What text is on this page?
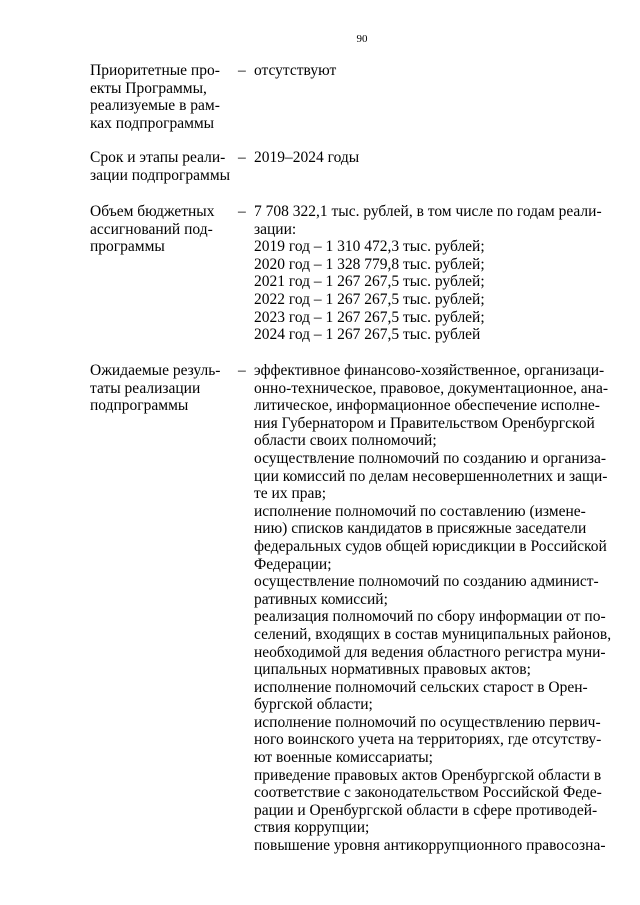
90
Приоритетные про-
екты Программы,
реализуемые в рам-
ках подпрограммы
– отсутствуют
Срок и этапы реали-
зации подпрограммы
– 2019–2024 годы
Объем бюджетных
ассигнований под-
программы
– 7 708 322,1 тыс. рублей, в том числе по годам реали-
зации:
2019 год – 1 310 472,3 тыс. рублей;
2020 год – 1 328 779,8 тыс. рублей;
2021 год – 1 267 267,5 тыс. рублей;
2022 год – 1 267 267,5 тыс. рублей;
2023 год – 1 267 267,5 тыс. рублей;
2024 год – 1 267 267,5 тыс. рублей
Ожидаемые резуль-
таты реализации
подпрограммы
– эффективное финансово-хозяйственное, организаци-
онно-техническое, правовое, документационное, ана-
литическое, информационное обеспечение исполне-
ния Губернатором и Правительством Оренбургской
области своих полномочий;
осуществление полномочий по созданию и организа-
ции комиссий по делам несовершеннолетних и защи-
те их прав;
исполнение полномочий по составлению (изменe-
нию) списков кандидатов в присяжные заседатели
федеральных судов общей юрисдикции в Российской
Федерации;
осуществление полномочий по созданию админист-
ративных комиссий;
реализация полномочий по сбору информации от по-
селений, входящих в состав муниципальных районов,
необходимой для ведения областного регистра муни-
ципальных нормативных правовых актов;
исполнение полномочий сельских старост в Орен-
бургской области;
исполнение полномочий по осуществлению первич-
ного воинского учета на территориях, где отсутству-
ют военные комиссариаты;
приведение правовых актов Оренбургской области в
соответствие с законодательством Российской Феде-
рации и Оренбургской области в сфере противодей-
ствия коррупции;
повышение уровня антикоррупционного правосозна-
